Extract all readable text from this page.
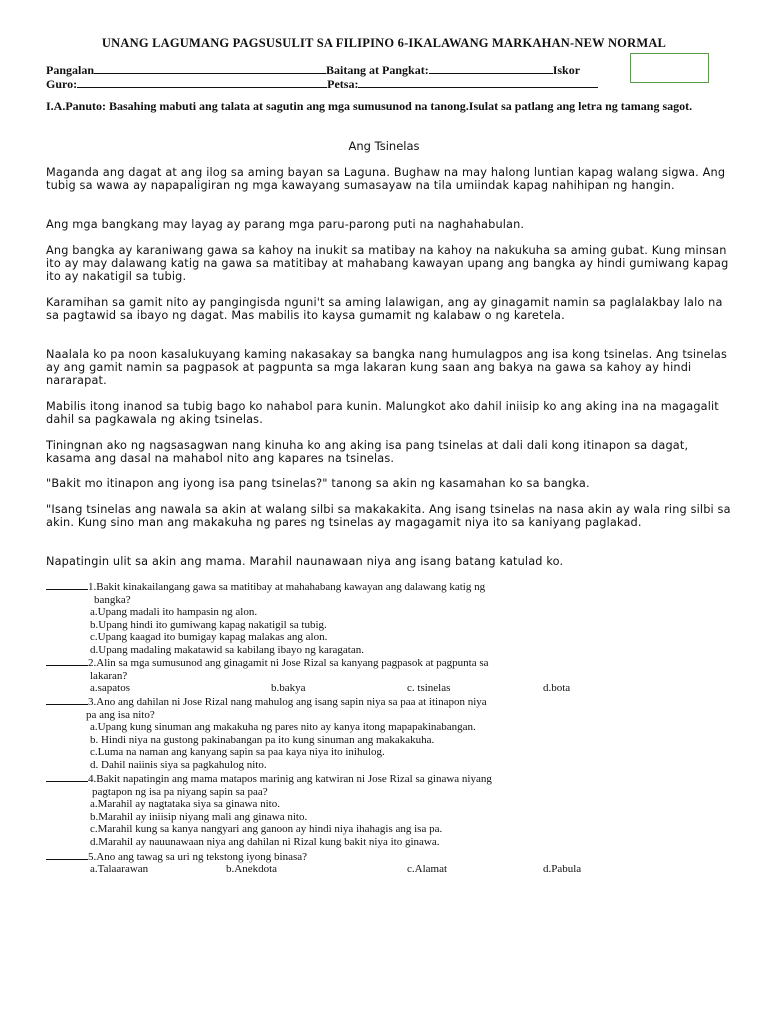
UNANG LAGUMANG PAGSUSULIT SA FILIPINO 6-IKALAWANG MARKAHAN-NEW NORMAL
Pangalan	Baitang at Pangkat:	Iskor
Guro:	Petsa:
I.A.Panuto: Basahing mabuti ang talata at sagutin ang mga sumusunod na tanong.Isulat sa patlang ang letra ng tamang sagot.
Ang Tsinelas
Maganda ang dagat at ang ilog sa aming bayan sa Laguna. Bughaw na may halong luntian kapag walang sigwa. Ang tubig sa wawa ay napapaligiran ng mga kawayang sumasayaw na tila umiindak kapag nahihipan ng hangin.
Ang mga bangkang may layag ay parang mga paru-parong puti na naghahabulan.
Ang bangka ay karaniwang gawa sa kahoy na inukit sa matibay na kahoy na nakukuha sa aming gubat. Kung minsan ito ay may dalawang katig na gawa sa matitibay at mahabang kawayan upang ang bangka ay hindi gumiwang kapag ito ay nakatigil sa tubig.
Karamihan sa gamit nito ay pangingisda nguni't sa aming lalawigan, ang ay ginagamit namin sa paglalakbay lalo na sa pagtawid sa ibayo ng dagat. Mas mabilis ito kaysa gumamit ng kalabaw o ng karetela.
Naalala ko pa noon kasalukuyang kaming nakasakay sa bangka nang humulagpos ang isa kong tsinelas. Ang tsinelas ay ang gamit namin sa pagpasok at pagpunta sa mga lakaran kung saan ang bakya na gawa sa kahoy ay hindi nararapat.
Mabilis itong inanod sa tubig bago ko nahabol para kunin. Malungkot ako dahil iniisip ko ang aking ina na magagalit dahil sa pagkawala ng aking tsinelas.
Tiningnan ako ng nagsasagwan nang kinuha ko ang aking isa pang tsinelas at dali dali kong itinapon sa dagat, kasama ang dasal na mahabol nito ang kapares na tsinelas.
"Bakit mo itinapon ang iyong isa pang tsinelas?" tanong sa akin ng kasamahan ko sa bangka.
"Isang tsinelas ang nawala sa akin at walang silbi sa makakakita. Ang isang tsinelas na nasa akin ay wala ring silbi sa akin. Kung sino man ang makakuha ng pares ng tsinelas ay magagamit niya ito sa kaniyang paglakad.
Napatingin ulit sa akin ang mama. Marahil naunawaan niya ang isang batang katulad ko.
1.Bakit kinakailangang gawa sa matitibay at mahahabang kawayan ang dalawang katig ng
bangka?
a.Upang madali ito hampasin ng alon.
b.Upang hindi ito gumiwang kapag nakatigil sa tubig.
c.Upang kaagad ito bumigay kapag malakas ang alon.
d.Upang madaling makatawid sa kabilang ibayo ng karagatan.
2.Alin sa mga sumusunod ang ginagamit ni Jose Rizal sa kanyang pagpasok at pagpunta sa
lakaran?
a.sapatos	b.bakya	c. tsinelas	d.bota
3.Ano ang dahilan ni Jose Rizal nang mahulog ang isang sapin niya sa paa at itinapon niya
pa ang isa nito?
a.Upang kung sinuman ang makakuha ng pares nito ay kanya itong mapapakinabangan.
b. Hindi niya na gustong pakinabangan pa ito kung sinuman ang makakakuha.
c.Luma na naman ang kanyang sapin sa paa kaya niya ito inihulog.
d. Dahil naiinis siya sa pagkahulog nito.
4.Bakit napatingin ang mama matapos marinig ang katwiran ni Jose Rizal sa ginawa niyang
pagtapon ng isa pa niyang sapin sa paa?
a.Marahil ay nagtataka siya sa ginawa nito.
b.Marahil ay iniisip niyang mali ang ginawa nito.
c.Marahil kung sa kanya nangyari ang ganoon ay hindi niya ihahagis ang isa pa.
d.Marahil ay nauunawaan niya ang dahilan ni Rizal kung bakit niya ito ginawa.
5.Ano ang tawag sa uri ng tekstong iyong binasa?
a.Talaarawan	b.Anekdota	c.Alamat	d.Pabula
